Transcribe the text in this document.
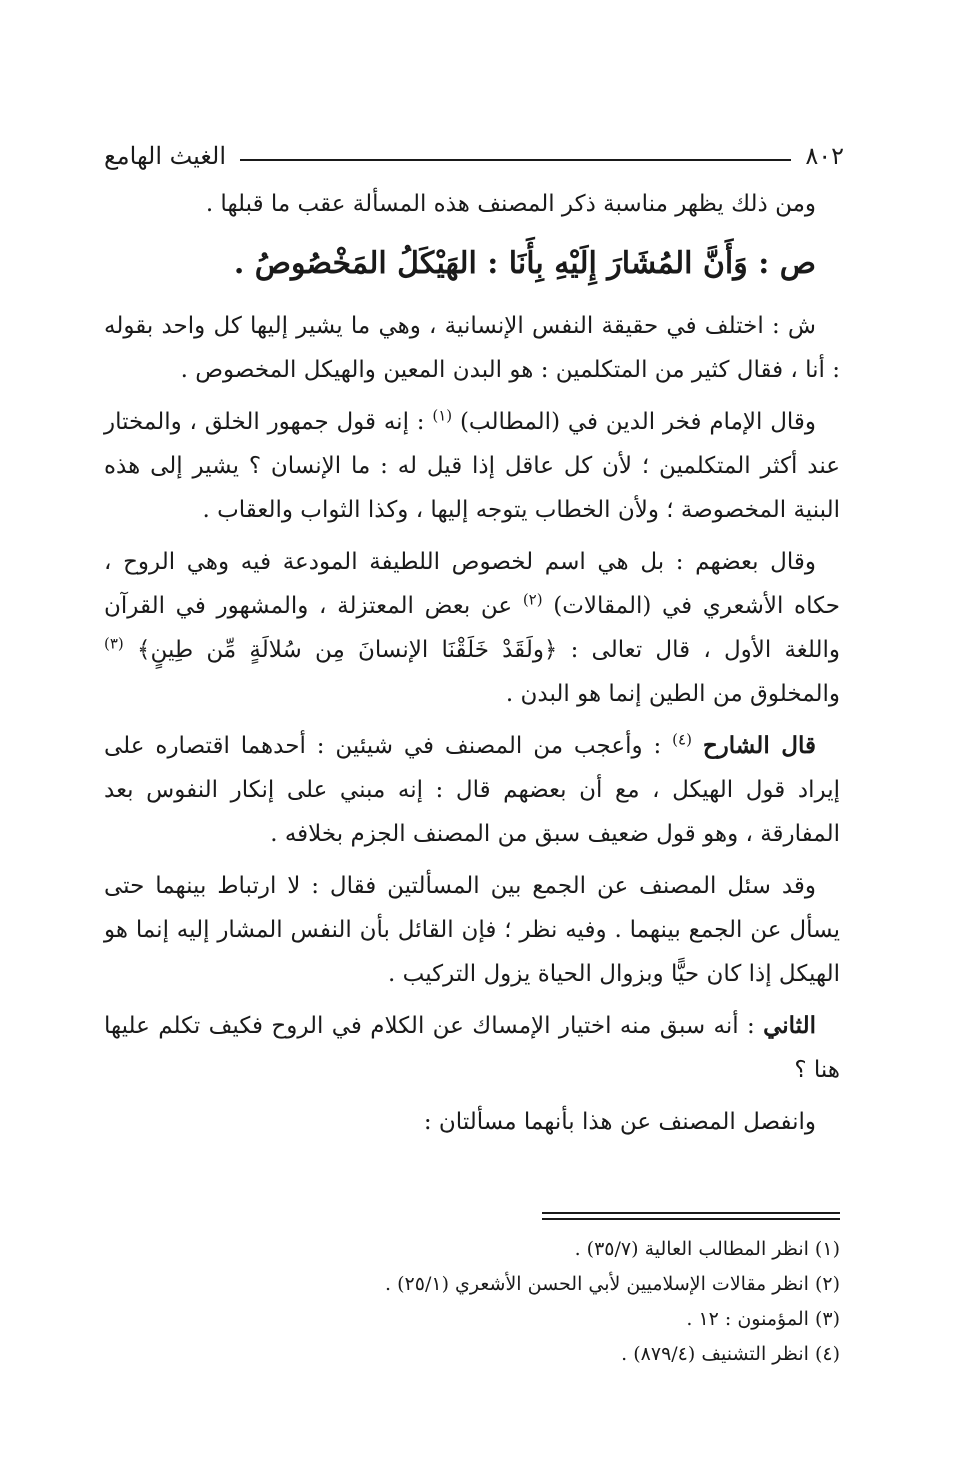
٨٠٢
الغيث الهامع

ومن ذلك يظهر مناسبة ذكر المصنف هذه المسألة عقب ما قبلها .

ص : وَأَنَّ المُشَارَ إِلَيْهِ بِأَنَا : الهَيْكَلُ المَخْصُوصُ .

ش : اختلف في حقيقة النفس الإنسانية ، وهي ما يشير إليها كل واحد بقوله : أنا ، فقال كثير من المتكلمين : هو البدن المعين والهيكل المخصوص .

وقال الإمام فخر الدين في (المطالب) $^{(١)}$ : إنه قول جمهور الخلق ، والمختار عند أكثر المتكلمين ؛ لأن كل عاقل إذا قيل له : ما الإنسان ؟ يشير إلى هذه البنية المخصوصة ؛ ولأن الخطاب يتوجه إليها ، وكذا الثواب والعقاب .

وقال بعضهم : بل هي اسم لخصوص اللطيفة المودعة فيه وهي الروح ، حكاه الأشعري في (المقالات) $^{(٢)}$ عن بعض المعتزلة ، والمشهور في القرآن واللغة الأول ، قال تعالى : ﴿ولَقَدْ خَلَقْنَا الإنسانَ مِن سُلالَةٍ مِّن طِينٍ﴾ $^{(٣)}$ والمخلوق من الطين إنما هو البدن .

قال الشارح $^{(٤)}$ : وأعجب من المصنف في شيئين : أحدهما اقتصاره على إيراد قول الهيكل ، مع أن بعضهم قال : إنه مبني على إنكار النفوس بعد المفارقة ، وهو قول ضعيف سبق من المصنف الجزم بخلافه .

وقد سئل المصنف عن الجمع بين المسألتين فقال : لا ارتباط بينهما حتى يسأل عن الجمع بينهما . وفيه نظر ؛ فإن القائل بأن النفس المشار إليه إنما هو الهيكل إذا كان حيًّا وبزوال الحياة يزول التركيب .

الثاني : أنه سبق منه اختيار الإمساك عن الكلام في الروح فكيف تكلم عليها هنا ؟

وانفصل المصنف عن هذا بأنهما مسألتان :

(١) انظر المطالب العالية (٣٥/٧) .

(٢) انظر مقالات الإسلاميين لأبي الحسن الأشعري (٢٥/١) .

(٣) المؤمنون : ١٢ .

(٤) انظر التشنيف (٨٧٩/٤) .
